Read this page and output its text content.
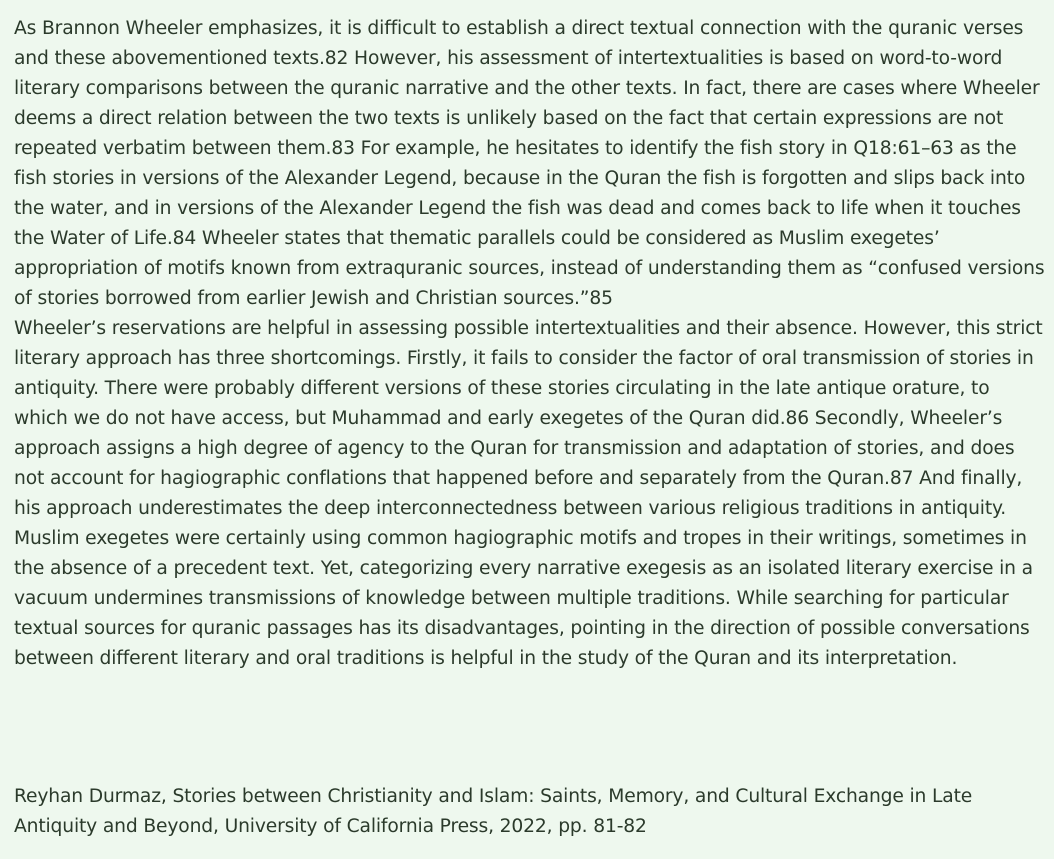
As Brannon Wheeler emphasizes, it is difficult to establish a direct textual connection with the quranic verses and these abovementioned texts.82 However, his assessment of intertextualities is based on word-to-word literary comparisons between the quranic narrative and the other texts. In fact, there are cases where Wheeler deems a direct relation between the two texts is unlikely based on the fact that certain expressions are not repeated verbatim between them.83 For example, he hesitates to identify the fish story in Q18:61–63 as the fish stories in versions of the Alexander Legend, because in the Quran the fish is forgotten and slips back into the water, and in versions of the Alexander Legend the fish was dead and comes back to life when it touches the Water of Life.84 Wheeler states that thematic parallels could be considered as Muslim exegetes’ appropriation of motifs known from extraquranic sources, instead of understanding them as “confused versions of stories borrowed from earlier Jewish and Christian sources.”85

Wheeler’s reservations are helpful in assessing possible intertextualities and their absence. However, this strict literary approach has three shortcomings. Firstly, it fails to consider the factor of oral transmission of stories in antiquity. There were probably different versions of these stories circulating in the late antique orature, to which we do not have access, but Muhammad and early exegetes of the Quran did.86 Secondly, Wheeler’s approach assigns a high degree of agency to the Quran for transmission and adaptation of stories, and does not account for hagiographic conflations that happened before and separately from the Quran.87 And finally, his approach underestimates the deep interconnectedness between various religious traditions in antiquity. Muslim exegetes were certainly using common hagiographic motifs and tropes in their writings, sometimes in the absence of a precedent text. Yet, categorizing every narrative exegesis as an isolated literary exercise in a vacuum undermines transmissions of knowledge between multiple traditions. While searching for particular textual sources for quranic passages has its disadvantages, pointing in the direction of possible conversations between different literary and oral traditions is helpful in the study of the Quran and its interpretation.

Reyhan Durmaz, Stories between Christianity and Islam: Saints, Memory, and Cultural Exchange in Late Antiquity and Beyond, University of California Press, 2022, pp. 81-82
